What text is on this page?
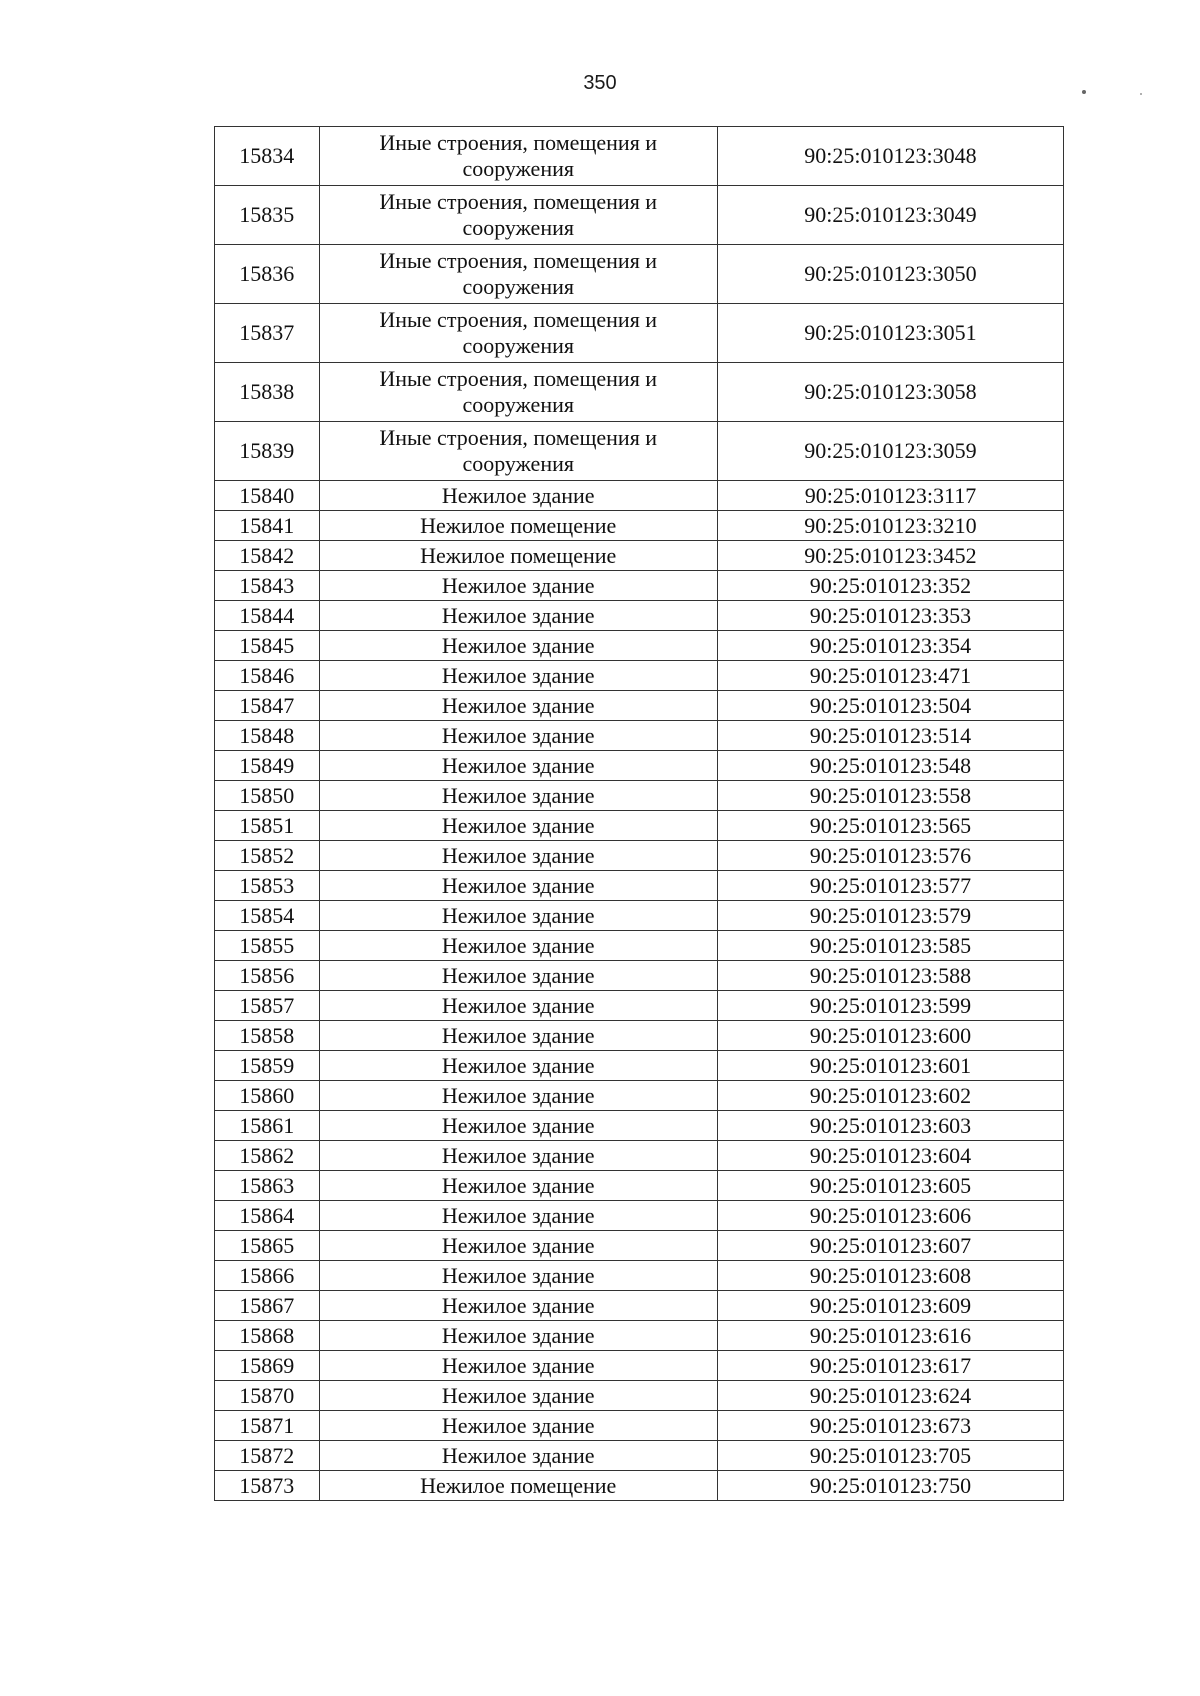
350
15834	Иные строения, помещения и сооружения	90:25:010123:3048
15835	Иные строения, помещения и сооружения	90:25:010123:3049
15836	Иные строения, помещения и сооружения	90:25:010123:3050
15837	Иные строения, помещения и сооружения	90:25:010123:3051
15838	Иные строения, помещения и сооружения	90:25:010123:3058
15839	Иные строения, помещения и сооружения	90:25:010123:3059
15840	Нежилое здание	90:25:010123:3117
15841	Нежилое помещение	90:25:010123:3210
15842	Нежилое помещение	90:25:010123:3452
15843	Нежилое здание	90:25:010123:352
15844	Нежилое здание	90:25:010123:353
15845	Нежилое здание	90:25:010123:354
15846	Нежилое здание	90:25:010123:471
15847	Нежилое здание	90:25:010123:504
15848	Нежилое здание	90:25:010123:514
15849	Нежилое здание	90:25:010123:548
15850	Нежилое здание	90:25:010123:558
15851	Нежилое здание	90:25:010123:565
15852	Нежилое здание	90:25:010123:576
15853	Нежилое здание	90:25:010123:577
15854	Нежилое здание	90:25:010123:579
15855	Нежилое здание	90:25:010123:585
15856	Нежилое здание	90:25:010123:588
15857	Нежилое здание	90:25:010123:599
15858	Нежилое здание	90:25:010123:600
15859	Нежилое здание	90:25:010123:601
15860	Нежилое здание	90:25:010123:602
15861	Нежилое здание	90:25:010123:603
15862	Нежилое здание	90:25:010123:604
15863	Нежилое здание	90:25:010123:605
15864	Нежилое здание	90:25:010123:606
15865	Нежилое здание	90:25:010123:607
15866	Нежилое здание	90:25:010123:608
15867	Нежилое здание	90:25:010123:609
15868	Нежилое здание	90:25:010123:616
15869	Нежилое здание	90:25:010123:617
15870	Нежилое здание	90:25:010123:624
15871	Нежилое здание	90:25:010123:673
15872	Нежилое здание	90:25:010123:705
15873	Нежилое помещение	90:25:010123:750
